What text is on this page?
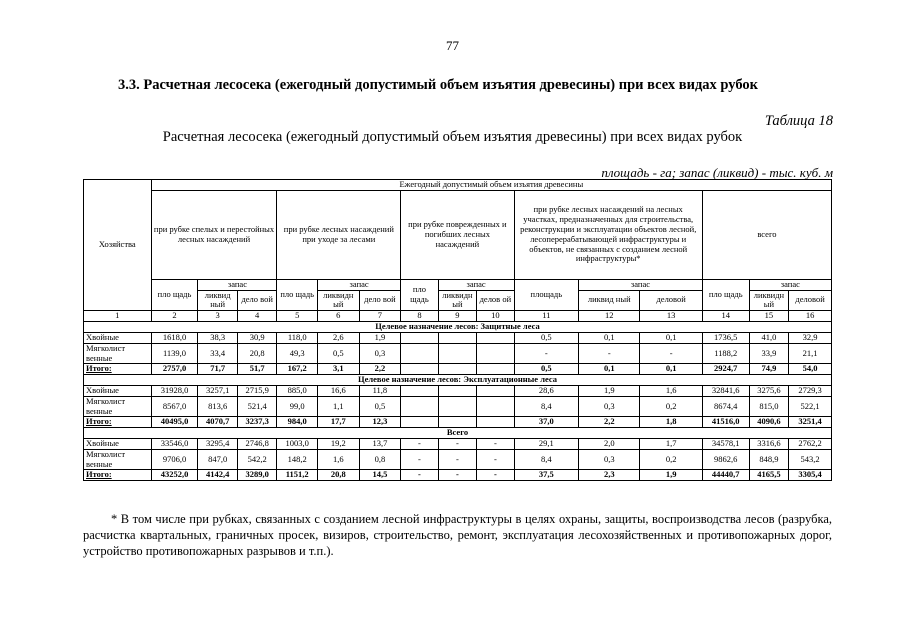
77
3.3. Расчетная лесосека (ежегодный допустимый объем изъятия древесины) при всех видах рубок
Таблица 18
Расчетная лесосека (ежегодный допустимый объем изъятия древесины) при всех видах рубок
площадь - га; запас (ликвид) - тыс. куб. м
Хозяйства	Ежегодный допустимый объем изъятия древесины														
	при рубке спелых и перестойных лесных насаждений			при рубке лесных насаждений при уходе за лесами			при рубке поврежденных и погибших лесных насаждений			при рубке лесных насаждений на лесных участках, предназначенных для строительства, реконструкции и эксплуатации объектов лесной, лесоперерабатывающей инфраструктуры и объектов, не связанных с созданием лесной инфраструктуры*			всего		
	пло щадь	запас		пло щадь	запас		пло щадь	запас		площадь	запас		пло щадь	запас	
		ликвид ный	дело вой		ликвидн ый	дело вой		ликвидн ый	делов ой		ликвид ный	деловой		ликвидн ый	деловой
1	2	3	4	5	6	7	8	9	10	11	12	13	14	15	16
Целевое назначение лесов: Защитные леса															
Хвойные	1618,0	38,3	30,9	118,0	2,6	1,9				0,5	0,1	0,1	1736,5	41,0	32,9
Мягколист венные	1139,0	33,4	20,8	49,3	0,5	0,3				-	-	-	1188,2	33,9	21,1
Итого:	2757,0	71,7	51,7	167,2	3,1	2,2				0,5	0,1	0,1	2924,7	74,9	54,0
Целевое назначение лесов: Эксплуатационные леса															
Хвойные	31928,0	3257,1	2715,9	885,0	16,6	11,8				28,6	1,9	1,6	32841,6	3275,6	2729,3
Мягколист венные	8567,0	813,6	521,4	99,0	1,1	0,5				8,4	0,3	0,2	8674,4	815,0	522,1
Итого:	40495,0	4070,7	3237,3	984,0	17,7	12,3				37,0	2,2	1,8	41516,0	4090,6	3251,4
Всего															
Хвойные	33546,0	3295,4	2746,8	1003,0	19,2	13,7	-	-	-	29,1	2,0	1,7	34578,1	3316,6	2762,2
Мягколист венные	9706,0	847,0	542,2	148,2	1,6	0,8	-	-	-	8,4	0,3	0,2	9862,6	848,9	543,2
Итого:	43252,0	4142,4	3289,0	1151,2	20,8	14,5	-	-	-	37,5	2,3	1,9	44440,7	4165,5	3305,4
* В том числе при рубках, связанных с созданием лесной инфраструктуры в целях охраны, защиты, воспроизводства лесов (разрубка, расчистка квартальных, граничных просек, визиров, строительство, ремонт, эксплуатация лесохозяйственных и противопожарных дорог, устройство противопожарных разрывов и т.п.).
